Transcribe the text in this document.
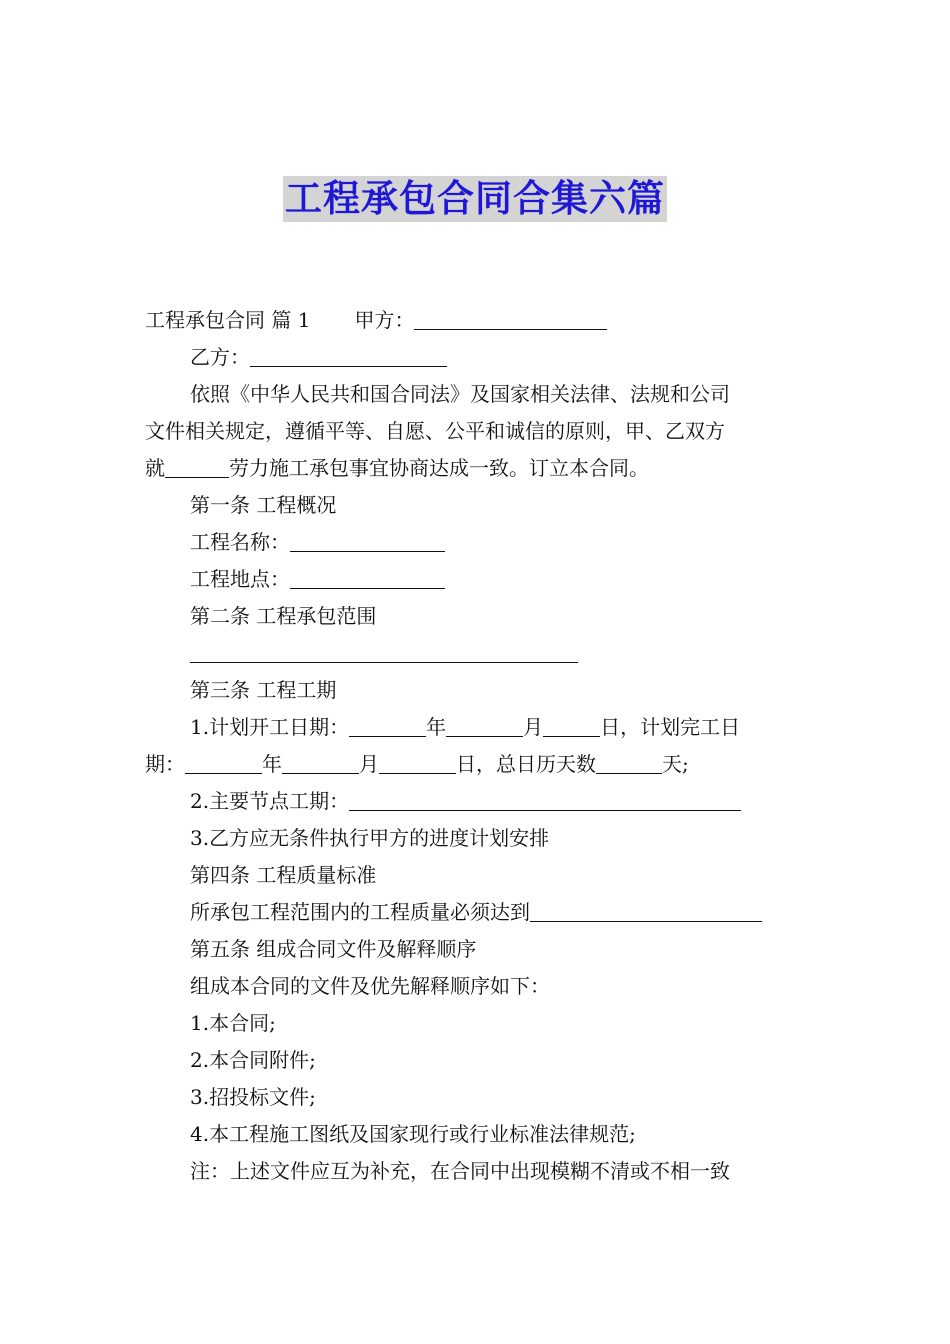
工程承包合同合集六篇

工程承包合同 篇 1 甲方：

乙方：

依照《中华人民共和国合同法》及国家相关法律、法规和公司

文件相关规定，遵循平等、自愿、公平和诚信的原则，甲、乙双方

就	劳力施工承包事宜协商达成一致。订立本合同。

第一条 工程概况

工程名称：

工程地点：

第二条 工程承包范围

第三条 工程工期

1.计划开工日期：	年	月	日，计划完工日

期：	年	月	日，总日历天数	天;

2.主要节点工期：

3.乙方应无条件执行甲方的进度计划安排

第四条 工程质量标准

所承包工程范围内的工程质量必须达到

第五条 组成合同文件及解释顺序

组成本合同的文件及优先解释顺序如下：

1.本合同;

2.本合同附件;

3.招投标文件;

4.本工程施工图纸及国家现行或行业标准法律规范;

注：上述文件应互为补充，在合同中出现模糊不清或不相一致
